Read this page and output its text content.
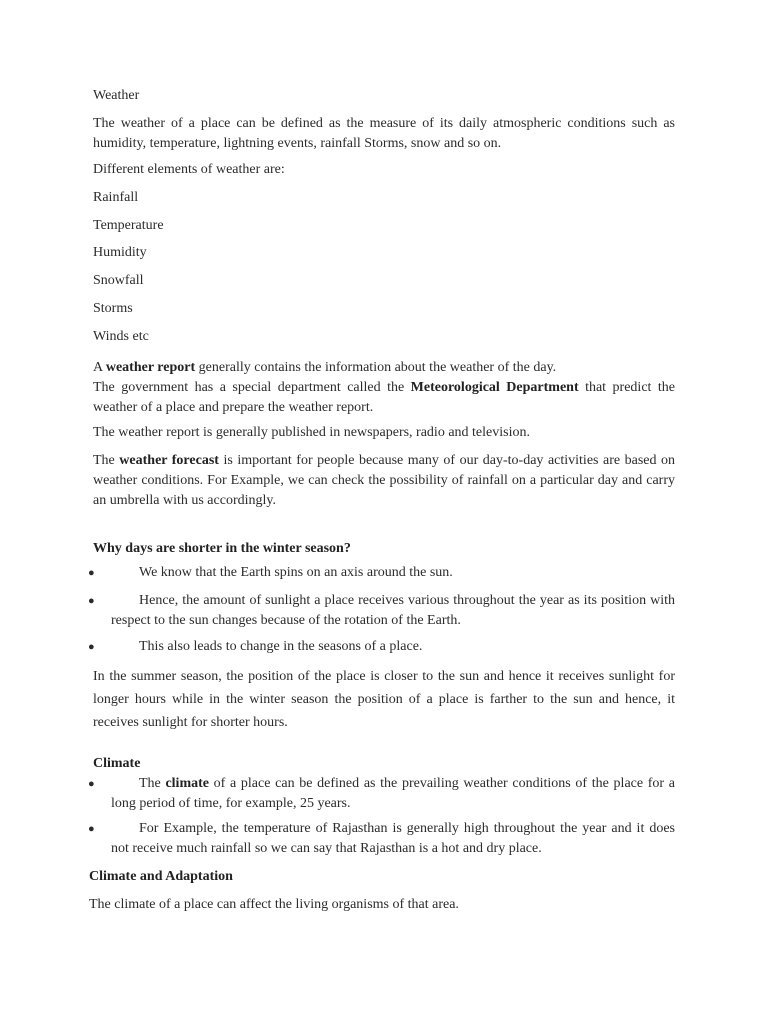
Weather

The weather of a place can be defined as the measure of its daily atmospheric conditions such as humidity, temperature, lightning events, rainfall Storms, snow and so on.

Different elements of weather are:

Rainfall

Temperature

Humidity

Snowfall

Storms

Winds etc

A weather report generally contains the information about the weather of the day.

The government has a special department called the Meteorological Department that predict the weather of a place and prepare the weather report.

The weather report is generally published in newspapers, radio and television.

The weather forecast is important for people because many of our day-to-day activities are based on weather conditions. For Example, we can check the possibility of rainfall on a particular day and carry an umbrella with us accordingly.

Why days are shorter in the winter season?

●	We know that the Earth spins on an axis around the sun.
●	Hence, the amount of sunlight a place receives various throughout the year as its position with respect to the sun changes because of the rotation of the Earth.
●	This also leads to change in the seasons of a place.

In the summer season, the position of the place is closer to the sun and hence it receives sunlight for longer hours while in the winter season the position of a place is farther to the sun and hence, it receives sunlight for shorter hours.

Climate

●	The climate of a place can be defined as the prevailing weather conditions of the place for a long period of time, for example, 25 years.
●	For Example, the temperature of Rajasthan is generally high throughout the year and it does not receive much rainfall so we can say that Rajasthan is a hot and dry place.

Climate and Adaptation

The climate of a place can affect the living organisms of that area.
